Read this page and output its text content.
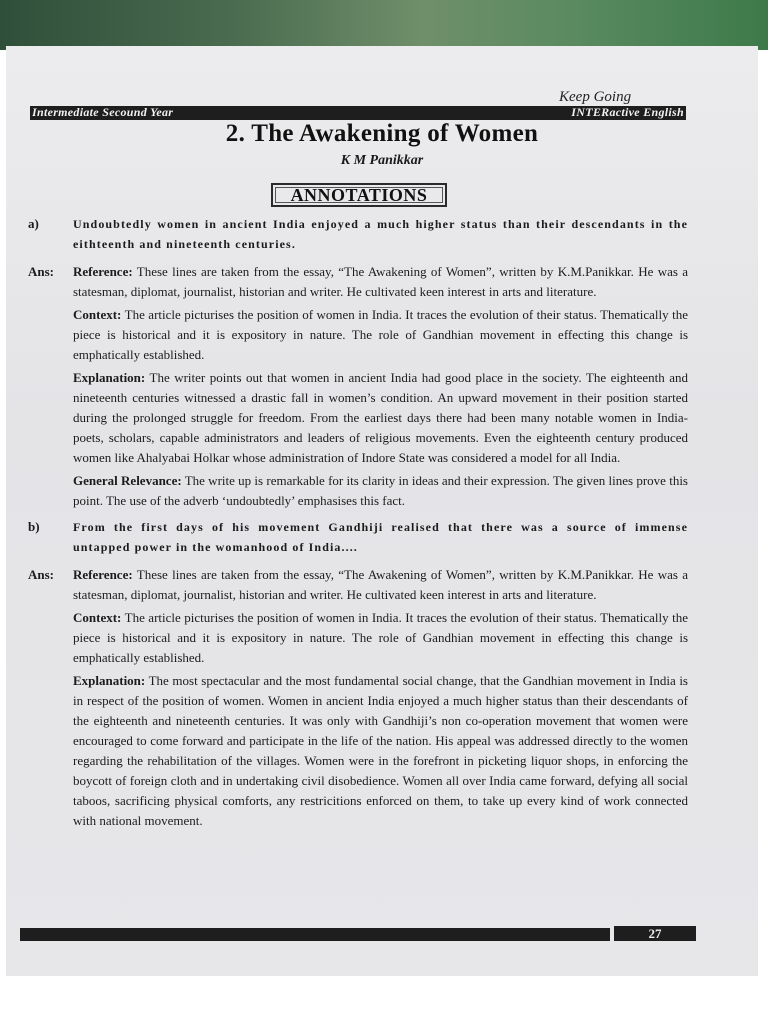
Keep Going
Intermediate Secound Year	INTERactive English
2. The Awakening of Women
K M Panikkar
ANNOTATIONS
a)	Undoubtedly women in ancient India enjoyed a much higher status than their descendants in the eithteenth and nineteenth centuries.
Ans: Reference: These lines are taken from the essay, “The Awakening of Women”, written by K.M.Panikkar. He was a statesman, diplomat, journalist, historian and writer. He cultivated keen interest in arts and literature.
Context: The article picturises the position of women in India. It traces the evolution of their status. Thematically the piece is historical and it is expository in nature. The role of Gandhian movement in effecting this change is emphatically established.
Explanation: The writer points out that women in ancient India had good place in the society. The eighteenth and nineteenth centuries witnessed a drastic fall in women’s condition. An upward movement in their position started during the prolonged struggle for freedom. From the earliest days there had been many notable women in India- poets, scholars, capable administrators and leaders of religious movements. Even the eighteenth century produced women like Ahalyabai Holkar whose administration of Indore State was considered a model for all India.
General Relevance: The write up is remarkable for its clarity in ideas and their expression. The given lines prove this point. The use of the adverb ‘undoubtedly’ emphasises this fact.
b)	From the first days of his movement Gandhiji realised that there was a source of immense untapped power in the womanhood of India....
Ans: Reference: These lines are taken from the essay, “The Awakening of Women”, written by K.M.Panikkar. He was a statesman, diplomat, journalist, historian and writer. He cultivated keen interest in arts and literature.
Context: The article picturises the position of women in India. It traces the evolution of their status. Thematically the piece is historical and it is expository in nature. The role of Gandhian movement in effecting this change is emphatically established.
Explanation: The most spectacular and the most fundamental social change, that the Gandhian movement in India is in respect of the position of women. Women in ancient India enjoyed a much higher status than their descendants of the eighteenth and nineteenth centuries. It was only with Gandhiji’s non co-operation movement that women were encouraged to come forward and participate in the life of the nation. His appeal was addressed directly to the women regarding the rehabilitation of the villages. Women were in the forefront in picketing liquor shops, in enforcing the boycott of foreign cloth and in undertaking civil disobedience. Women all over India came forward, defying all social taboos, sacrificing physical comforts, any restricitions enforced on them, to take up every kind of work connected with national movement.
27
